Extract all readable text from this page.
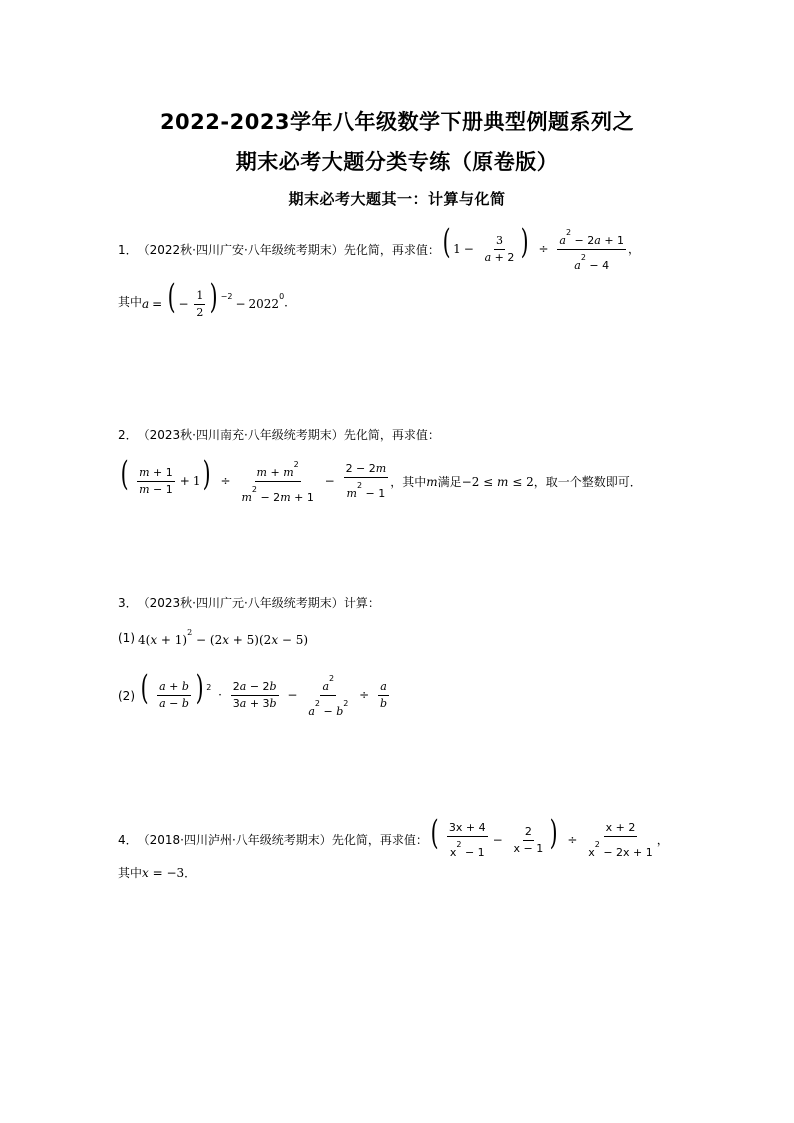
2022-2023学年八年级数学下册典型例题系列之
期末必考大题分类专练（原卷版）
期末必考大题其一：计算与化简
1． （2022秋·四川广安·八年级统考期末） 先化简，再求值： ( $1 - \frac{3}{a + 2}$ ) ÷ $\frac{a^2 - 2a + 1}{a^2 - 4}$ ，
其中 a = ( − $\frac{1}{2}$ ) $^{-2}- 2022^0$ ．
2． （2023秋·四川南充·八年级统考期末） 先化简，再求值：
( $\frac{m + 1}{m - 1} + 1) \div \frac{m + m^2}{m^2 - 2m + 1} - \frac{2 - 2m}{m^2 - 1}$ ，其中 m 满足 −2 ≤ m ≤ 2 ，取一个整数即可．
3． （2023秋·四川广元·八年级统考期末） 计算：
(1) $4(x + 1)^2 - (2x + 5)(2x - 5)$
(2) ( $\frac{a + b}{a - b}$ ) $^2 \cdot \frac{2a - 2b}{3a + 3b} - \frac{a^2}{a^2 - b^2} \div \frac{a}{b}$
4． （2018·四川泸州·八年级统考期末） 先化简，再求值： ( $\frac{3x + 4}{x^2 - 1} - \frac{2}{x - 1}$ ) ÷ $\frac{x + 2}{x^2 - 2x + 1}$ ，
其中 x = −3 ．
